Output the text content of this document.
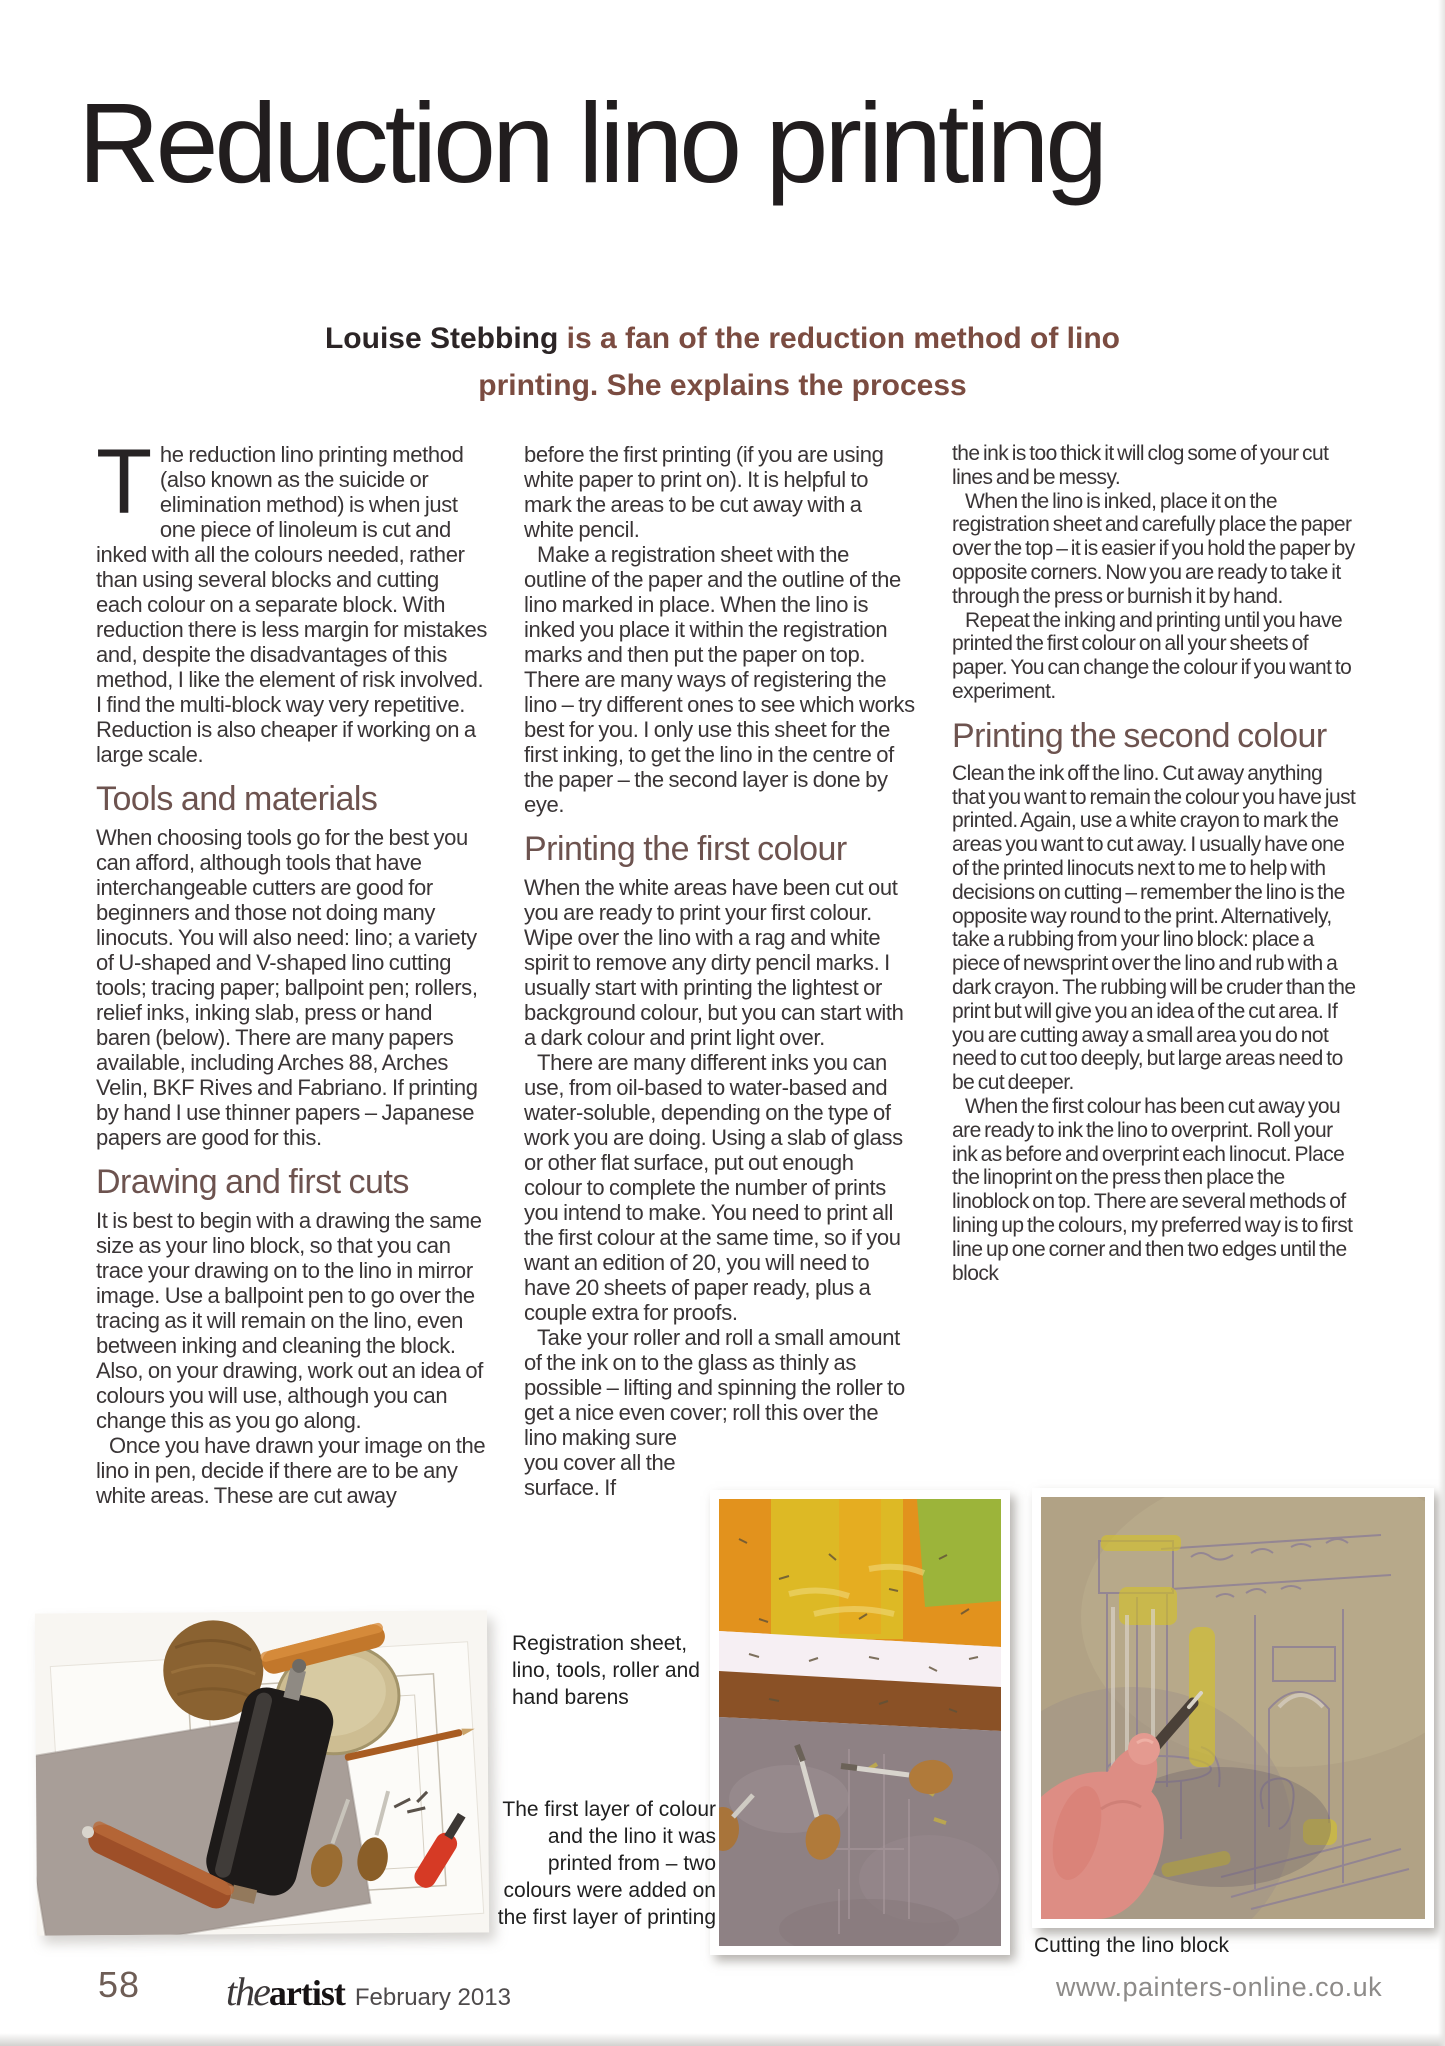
Reduction lino printing
Louise Stebbing is a fan of the reduction method of lino printing. She explains the process

The reduction lino printing method (also known as the suicide or elimination method) is when just one piece of linoleum is cut and inked with all the colours needed, rather than using several blocks and cutting each colour on a separate block. With reduction there is less margin for mistakes and, despite the disadvantages of this method, I like the element of risk involved. I find the multi-block way very repetitive. Reduction is also cheaper if working on a large scale.

Tools and materials

When choosing tools go for the best you can afford, although tools that have interchangeable cutters are good for beginners and those not doing many linocuts. You will also need: lino; a variety of U-shaped and V-shaped lino cutting tools; tracing paper; ballpoint pen; rollers, relief inks, inking slab, press or hand baren (below). There are many papers available, including Arches 88, Arches Velin, BKF Rives and Fabriano. If printing by hand I use thinner papers – Japanese papers are good for this.

Drawing and first cuts

It is best to begin with a drawing the same size as your lino block, so that you can trace your drawing on to the lino in mirror image. Use a ballpoint pen to go over the tracing as it will remain on the lino, even between inking and cleaning the block. Also, on your drawing, work out an idea of colours you will use, although you can change this as you go along.

Once you have drawn your image on the lino in pen, decide if there are to be any white areas. These are cut away

before the first printing (if you are using white paper to print on). It is helpful to mark the areas to be cut away with a white pencil.

Make a registration sheet with the outline of the paper and the outline of the lino marked in place. When the lino is inked you place it within the registration marks and then put the paper on top. There are many ways of registering the lino – try different ones to see which works best for you. I only use this sheet for the first inking, to get the lino in the centre of the paper – the second layer is done by eye.

Printing the first colour

When the white areas have been cut out you are ready to print your first colour. Wipe over the lino with a rag and white spirit to remove any dirty pencil marks. I usually start with printing the lightest or background colour, but you can start with a dark colour and print light over.

There are many different inks you can use, from oil-based to water-based and water-soluble, depending on the type of work you are doing. Using a slab of glass or other flat surface, put out enough colour to complete the number of prints you intend to make. You need to print all the first colour at the same time, so if you want an edition of 20, you will need to have 20 sheets of paper ready, plus a couple extra for proofs.

Take your roller and roll a small amount of the ink on to the glass as thinly as possible – lifting and spinning the roller to get a nice even cover; roll this over the

lino making sure you cover all the surface. If

the ink is too thick it will clog some of your cut lines and be messy.

When the lino is inked, place it on the registration sheet and carefully place the paper over the top – it is easier if you hold the paper by opposite corners. Now you are ready to take it through the press or burnish it by hand.

Repeat the inking and printing until you have printed the first colour on all your sheets of paper. You can change the colour if you want to experiment.

Printing the second colour

Clean the ink off the lino. Cut away anything that you want to remain the colour you have just printed. Again, use a white crayon to mark the areas you want to cut away. I usually have one of the printed linocuts next to me to help with decisions on cutting – remember the lino is the opposite way round to the print. Alternatively, take a rubbing from your lino block: place a piece of newsprint over the lino and rub with a dark crayon. The rubbing will be cruder than the print but will give you an idea of the cut area. If you are cutting away a small area you do not need to cut too deeply, but large areas need to be cut deeper.

When the first colour has been cut away you are ready to ink the lino to overprint. Roll your ink as before and overprint each linocut. Place the linoprint on the press then place the linoblock on top. There are several methods of lining up the colours, my preferred way is to first line up one corner and then two edges until the block

Registration sheet, lino, tools, roller and hand barens
The first layer of colour and the lino it was printed from – two colours were added on the first layer of printing
Cutting the lino block
58 theartist February 2013	www.painters-online.co.uk
